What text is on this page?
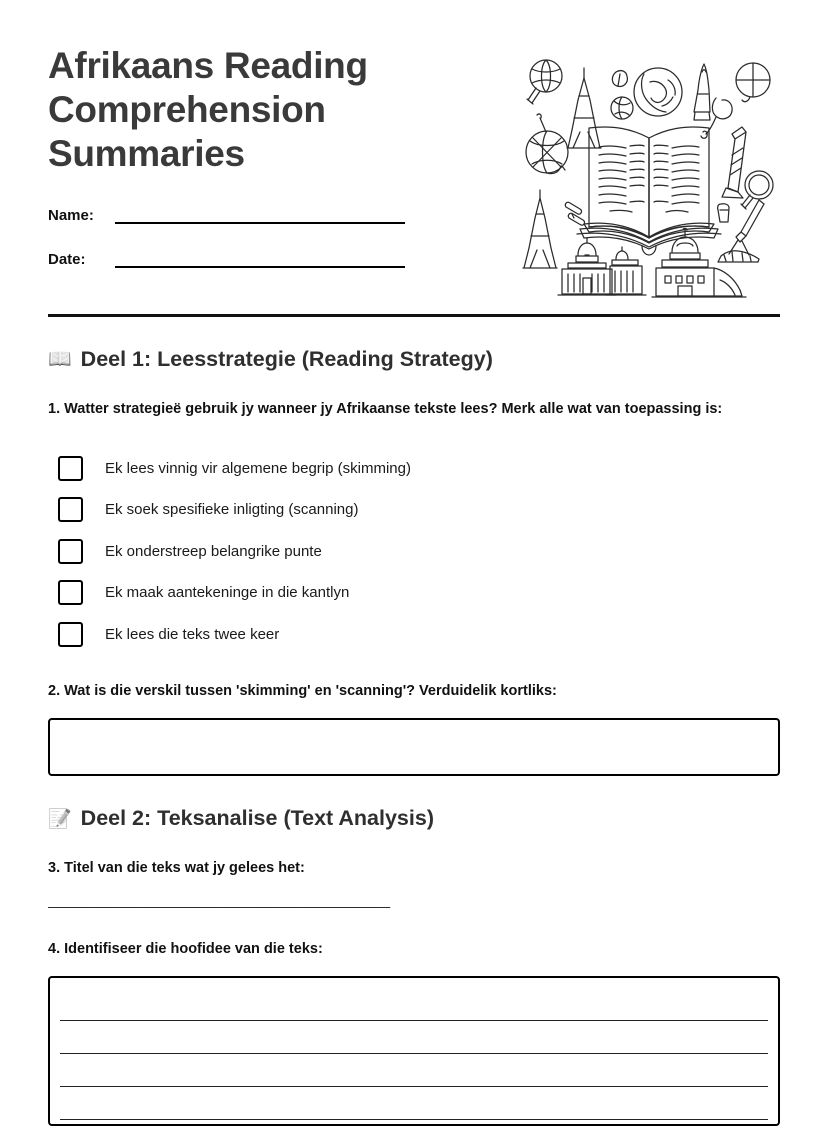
Afrikaans Reading Comprehension Summaries
Name:
Date:
📖 Deel 1: Leesstrategie (Reading Strategy)
1. Watter strategieë gebruik jy wanneer jy Afrikaanse tekste lees? Merk alle wat van toepassing is:
Ek lees vinnig vir algemene begrip (skimming)
Ek soek spesifieke inligting (scanning)
Ek onderstreep belangrike punte
Ek maak aantekeninge in die kantlyn
Ek lees die teks twee keer
2. Wat is die verskil tussen 'skimming' en 'scanning'? Verduidelik kortliks:
📝 Deel 2: Teksanalise (Text Analysis)
3. Titel van die teks wat jy gelees het:
_________________________________________
4. Identifiseer die hoofidee van die teks:
